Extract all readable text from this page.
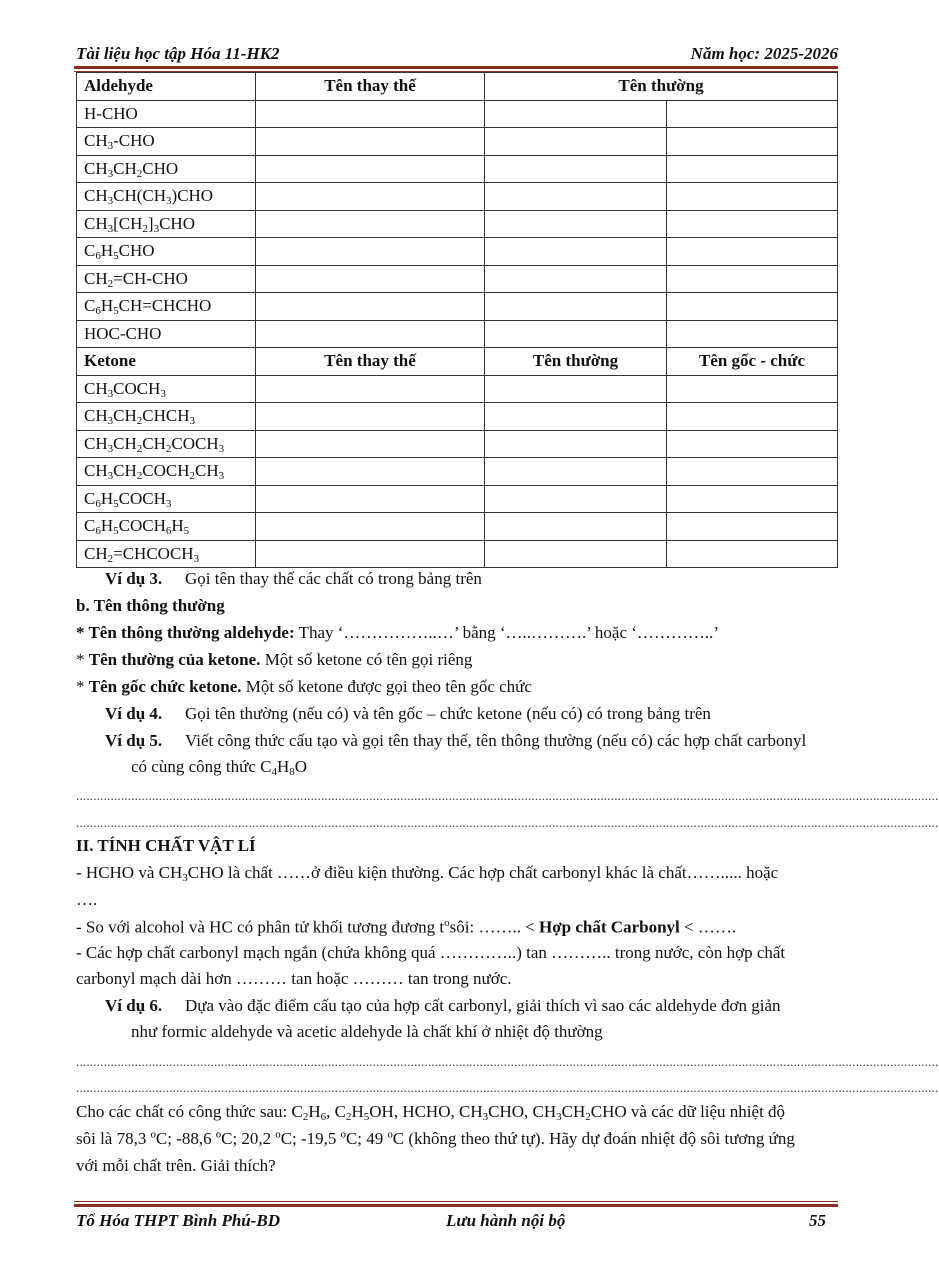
Tài liệu học tập Hóa 11-HK2	Năm học: 2025-2026
Aldehyde	Tên thay thế	Tên thường	
H-CHO			
$CH_3$-CHO			
$CH_3CH_2CHO$			
$CH_3CH(CH_3)CHO$			
$CH_3[CH_2]_3CHO$			
$C_6H_5CHO$			
$CH_2=CH$-CHO			
$C_6H_5CH=CHCHO$			
HOC-CHO			
Ketone	Tên thay thế	Tên thường	Tên gốc - chức
$CH_3COCH_3$			
$CH_3CH_2CHCH_3$			
$CH_3CH_2CH_2COCH_3$			
$CH_3CH_2COCH_2CH_3$			
$C_6H_5COCH_3$			
$C_6H_5COCH_6H_5$			
$CH_2=CHCOCH_3$			
Ví dụ 3. Gọi tên thay thế các chất có trong bảng trên
b. Tên thông thường
* Tên thông thường aldehyde: Thay ‘……………..…’ bằng ‘…..……….’ hoặc ‘…………..’
* Tên thường của ketone. Một số ketone có tên gọi riêng
* Tên gốc chức ketone. Một số ketone được gọi theo tên gốc chức
Ví dụ 4. Gọi tên thường (nếu có) và tên gốc – chức ketone (nếu có) có trong bảng trên
Ví dụ 5. Viết công thức cấu tạo và gọi tên thay thế, tên thông thường (nếu có) các hợp chất carbonyl
có cùng công thức $C_4H_8O$
..........................................................................................................................................................................................................................................................
..........................................................................................................................................................................................................................................................
II. TÍNH CHẤT VẬT LÍ
- HCHO và $CH_3CHO$ là chất ……ở điều kiện thường. Các hợp chất carbonyl khác là chất……..... hoặc
….
- So với alcohol và HC có phân tử khối tương đương $t^osôi$: …….. < Hợp chất Carbonyl < …….
- Các hợp chất carbonyl mạch ngắn (chứa không quá …………..) tan ……….. trong nước, còn hợp chất
carbonyl mạch dài hơn ……… tan hoặc ……… tan trong nước.
Ví dụ 6. Dựa vào đặc điểm cấu tạo của hợp cất carbonyl, giải thích vì sao các aldehyde đơn giản
như formic aldehyde và acetic aldehyde là chất khí ở nhiệt độ thường
..........................................................................................................................................................................................................................................................
..........................................................................................................................................................................................................................................................
Cho các chất có công thức sau: $C_2H_6$, $C_2H_5OH$, HCHO, $CH_3CHO$, $CH_3CH_2CHO$ và các dữ liệu nhiệt độ
sôi là 78,3 ºC; -88,6 ºC; 20,2 ºC; -19,5 ºC; 49 ºC (không theo thứ tự). Hãy dự đoán nhiệt độ sôi tương ứng
với mỗi chất trên. Giải thích?
Tổ Hóa THPT Bình Phú-BD	Lưu hành nội bộ	55
